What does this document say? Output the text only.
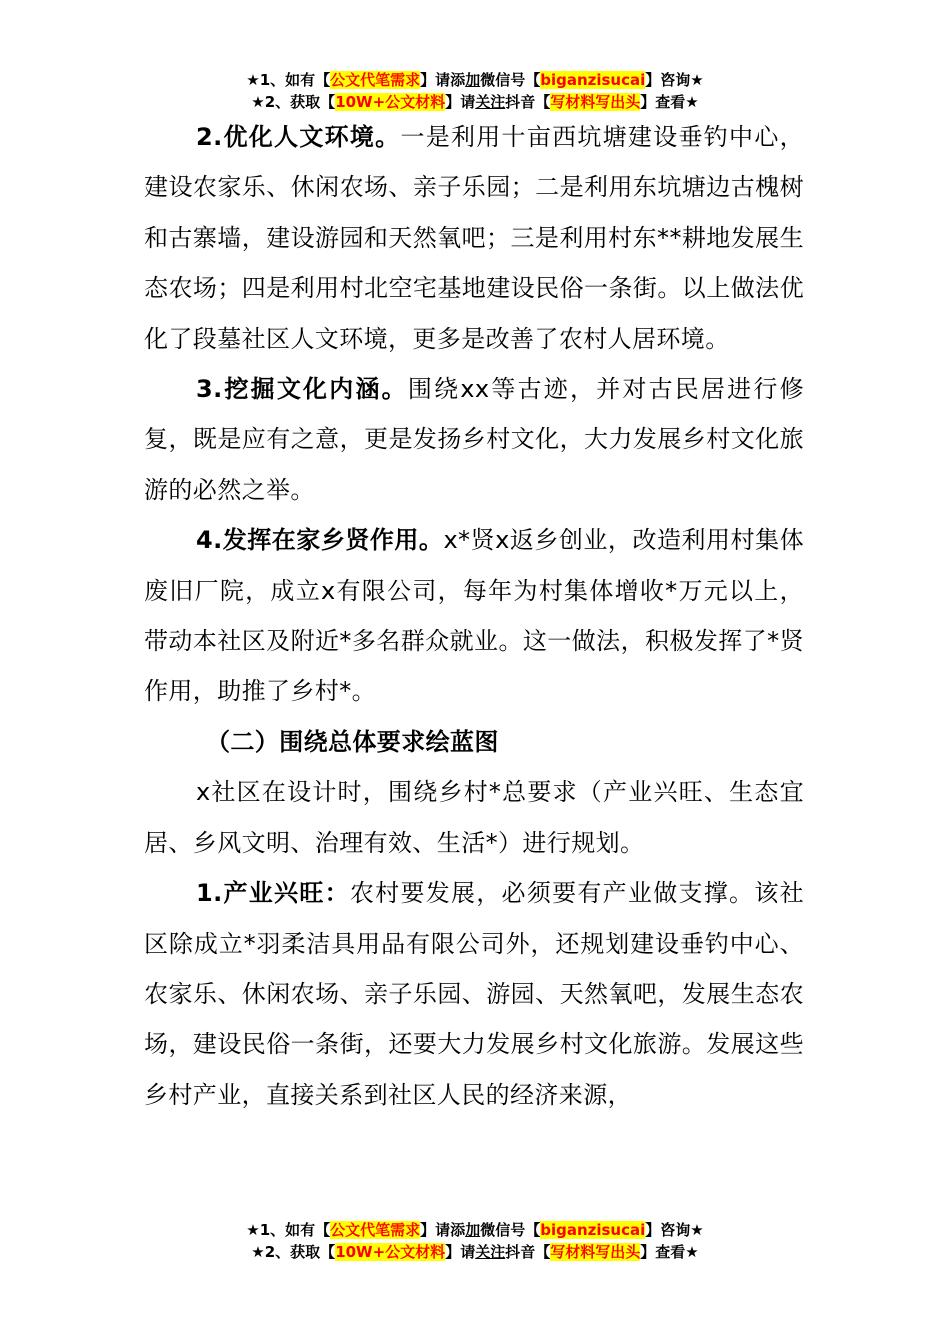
★1、如有【公文代笔需求】请添加微信号【biganzisucai】咨询★
★2、获取【10W+公文材料】请关注抖音【写材料写出头】查看★

2.优化人文环境。一是利用十亩西坑塘建设垂钓中心，建设农家乐、休闲农场、亲子乐园；二是利用东坑塘边古槐树和古寨墙，建设游园和天然氧吧；三是利用村东**耕地发展生态农场；四是利用村北空宅基地建设民俗一条街。以上做法优化了段墓社区人文环境，更多是改善了农村人居环境。

3.挖掘文化内涵。围绕xx等古迹，并对古民居进行修复，既是应有之意，更是发扬乡村文化，大力发展乡村文化旅游的必然之举。

4.发挥在家乡贤作用。x*贤x返乡创业，改造利用村集体废旧厂院，成立x有限公司，每年为村集体增收*万元以上，带动本社区及附近*多名群众就业。这一做法，积极发挥了*贤作用，助推了乡村*。

（二）围绕总体要求绘蓝图

x社区在设计时，围绕乡村*总要求（产业兴旺、生态宜居、乡风文明、治理有效、生活*）进行规划。

1.产业兴旺：农村要发展，必须要有产业做支撑。该社区除成立*羽柔洁具用品有限公司外，还规划建设垂钓中心、农家乐、休闲农场、亲子乐园、游园、天然氧吧，发展生态农场，建设民俗一条街，还要大力发展乡村文化旅游。发展这些乡村产业，直接关系到社区人民的经济来源，

★1、如有【公文代笔需求】请添加微信号【biganzisucai】咨询★
★2、获取【10W+公文材料】请关注抖音【写材料写出头】查看★
